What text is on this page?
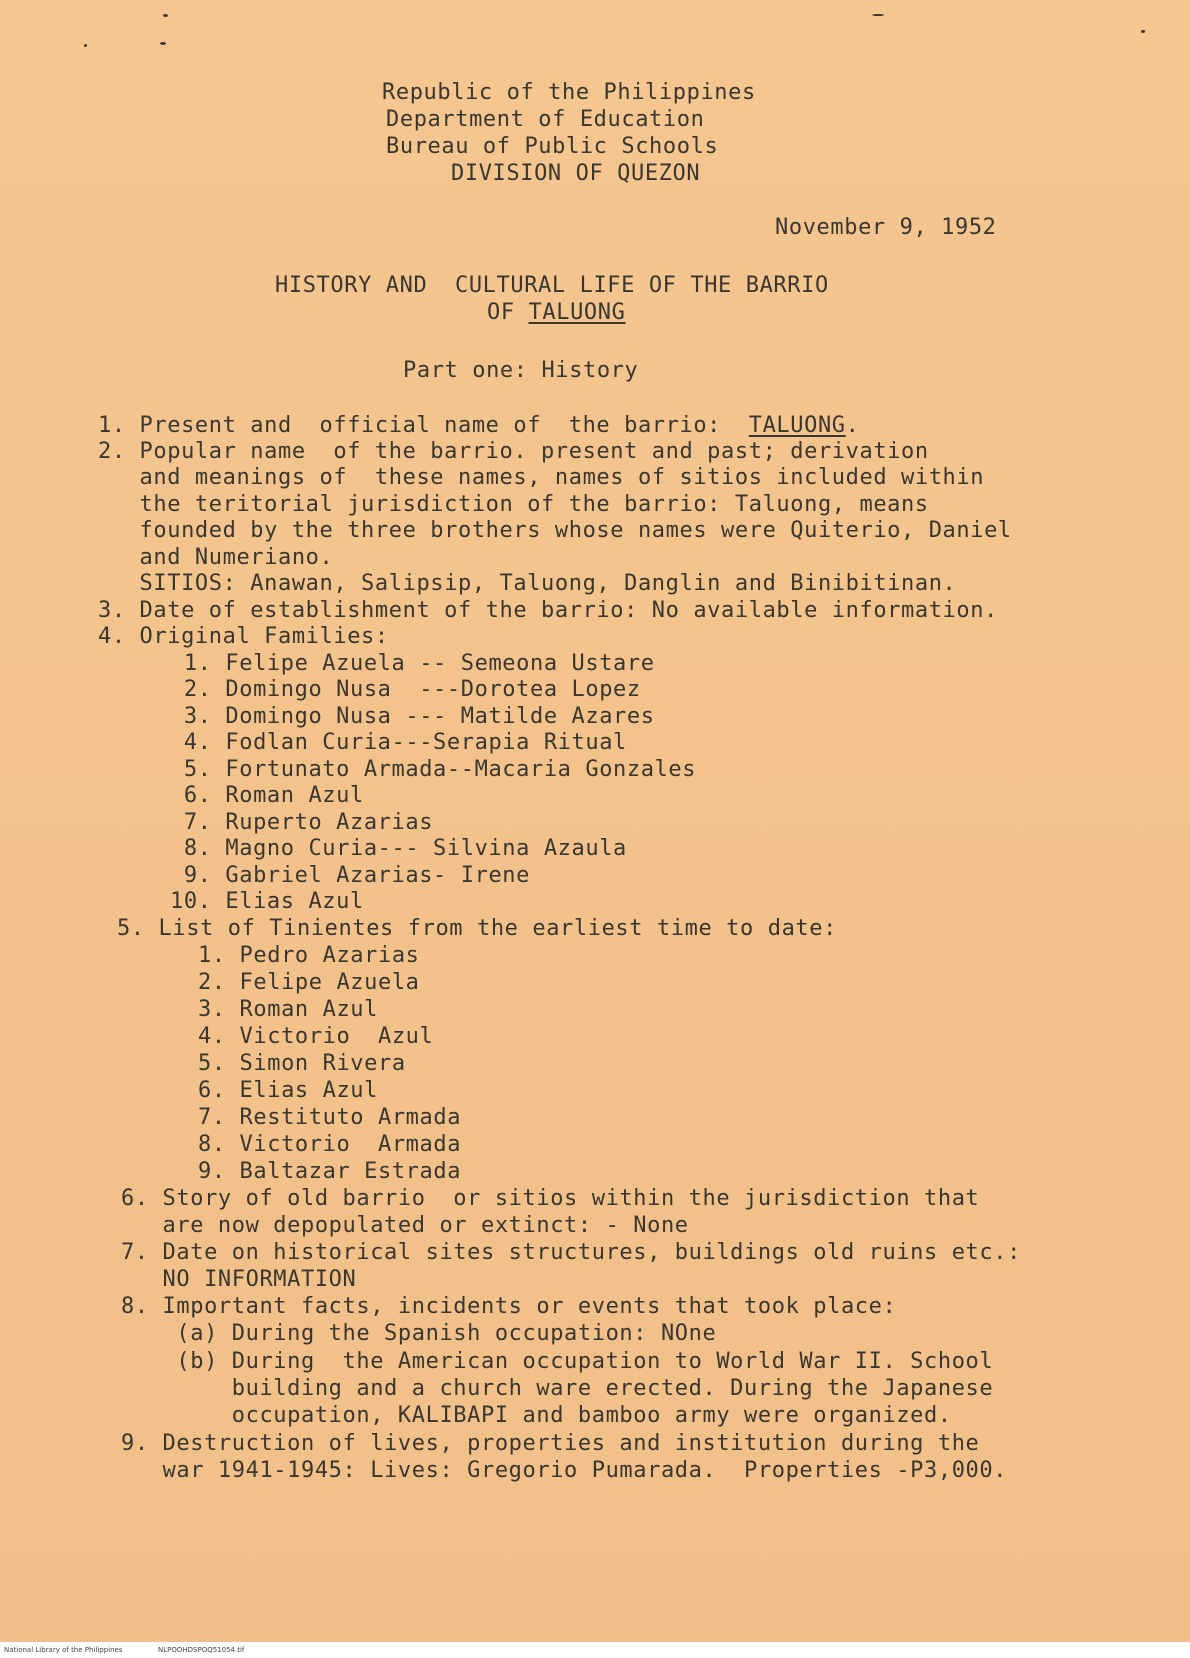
Republic of the Philippines
Department of Education
Bureau of Public Schools
DIVISION OF QUEZON
November 9, 1952
HISTORY AND  CULTURAL LIFE OF THE BARRIO
OF TALUONG
Part one: History
1. Present and  official name of  the barrio:  TALUONG.
2. Popular name  of the barrio. present and past; derivation
and meanings of  these names, names of sitios included within
the teritorial jurisdiction of the barrio: Taluong, means
founded by the three brothers whose names were Quiterio, Daniel
and Numeriano.
SITIOS: Anawan, Salipsip, Taluong, Danglin and Binibitinan.
3. Date of establishment of the barrio: No available information.
4. Original Families:
1. Felipe Azuela -- Semeona Ustare
2. Domingo Nusa  ---Dorotea Lopez
3. Domingo Nusa --- Matilde Azares
4. Fodlan Curia---Serapia Ritual
5. Fortunato Armada--Macaria Gonzales
6. Roman Azul
7. Ruperto Azarias
8. Magno Curia--- Silvina Azaula
9. Gabriel Azarias- Irene
10. Elias Azul
5. List of Tinientes from the earliest time to date:
1. Pedro Azarias
2. Felipe Azuela
3. Roman Azul
4. Victorio  Azul
5. Simon Rivera
6. Elias Azul
7. Restituto Armada
8. Victorio  Armada
9. Baltazar Estrada
6. Story of old barrio  or sitios within the jurisdiction that
are now depopulated or extinct: - None
7. Date on historical sites structures, buildings old ruins etc.:
NO INFORMATION
8. Important facts, incidents or events that took place:
(a) During the Spanish occupation: NOne
(b) During  the American occupation to World War II. School
building and a church ware erected. During the Japanese
occupation, KALIBAPI and bamboo army were organized.
9. Destruction of lives, properties and institution during the
war 1941-1945: Lives: Gregorio Pumarada.  Properties -P3,000.
National Library of the Philippines	NLPOOHDSPOQ51054.tif
